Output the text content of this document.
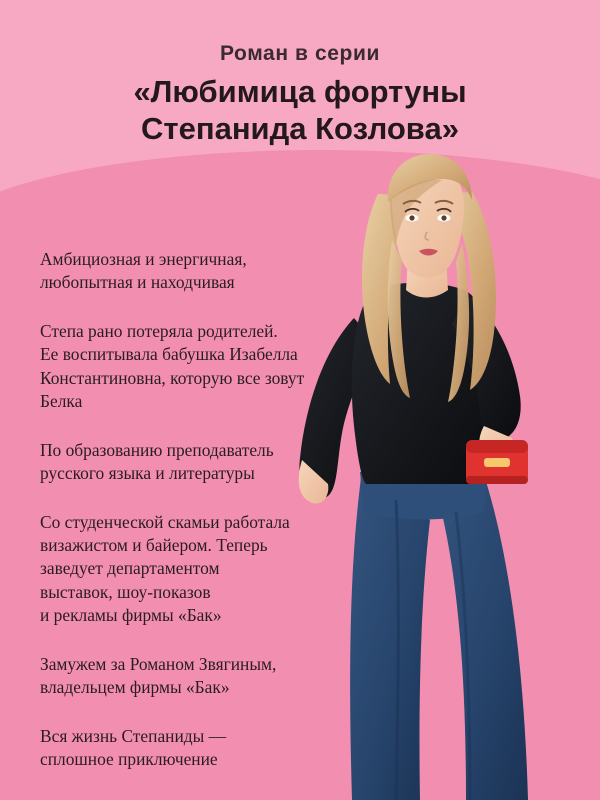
Роман в серии
«Любимица фортуны
Степанида Козлова»
Амбициозная и энергичная,
любопытная и находчивая
Степа рано потеряла родителей.
Ее воспитывала бабушка Изабелла
Константиновна, которую все зовут
Белка
По образованию преподаватель
русского языка и литературы
Со студенческой скамьи работала
визажистом и байером. Теперь
заведует департаментом
выставок, шоу-показов
и рекламы фирмы «Бак»
Замужем за Романом Звягиным,
владельцем фирмы «Бак»
Вся жизнь Степаниды —
сплошное приключение
